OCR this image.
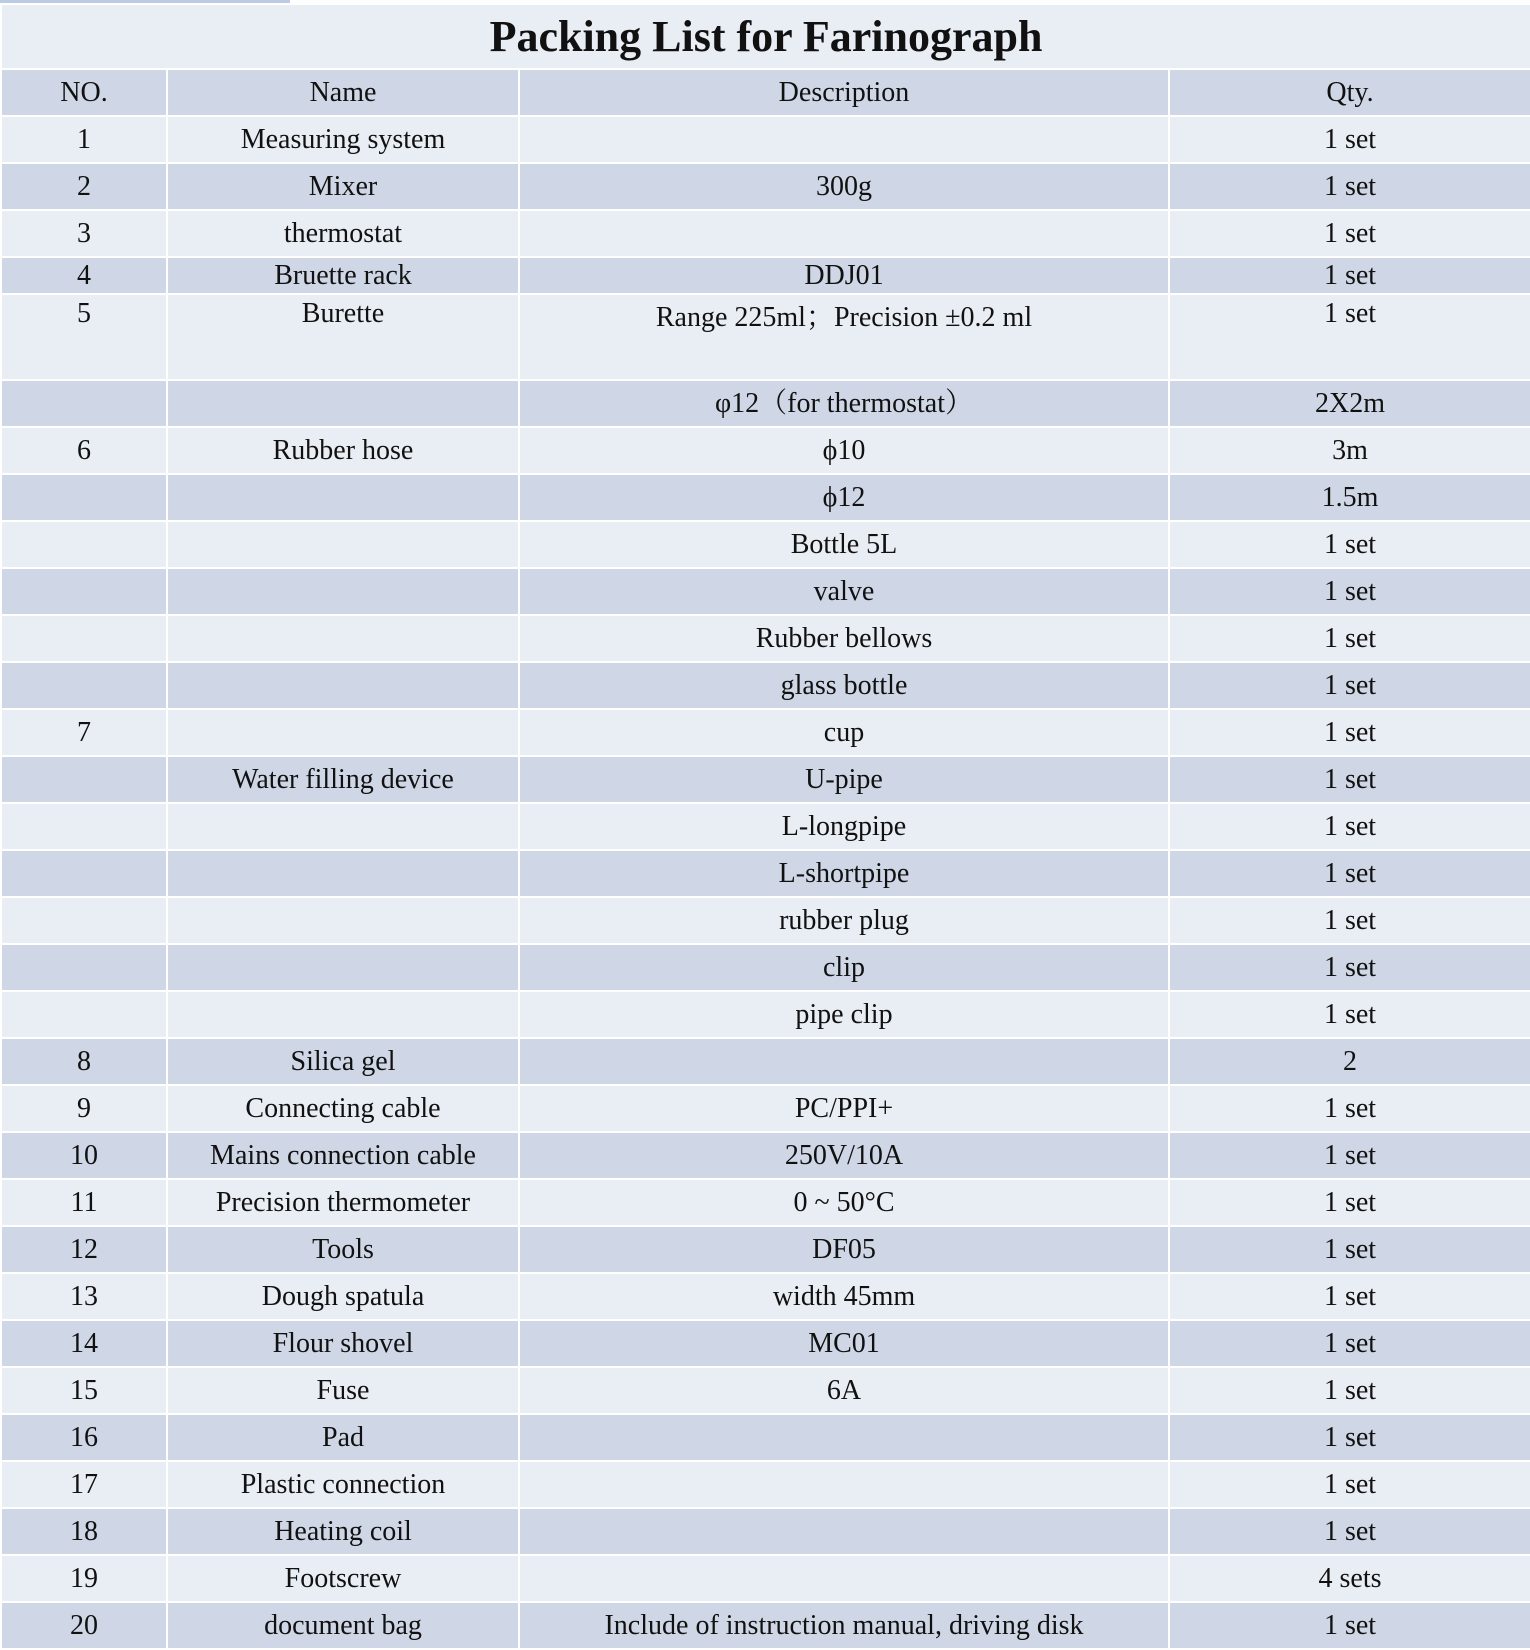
Packing List for Farinograph			
NO.	Name	Description	Qty.
1	Measuring system		1 set
2	Mixer	300g	1 set
3	thermostat		1 set
4	Bruette rack	DDJ01	1 set
5	Burette	Range 225ml；Precision ±0.2 ml	1 set
		φ12（for thermostat）	2X2m
6	Rubber hose	ϕ10	3m
		ϕ12	1.5m
		Bottle 5L	1 set
		valve	1 set
		Rubber bellows	1 set
		glass bottle	1 set
7		cup	1 set
	Water filling device	U-pipe	1 set
		L-longpipe	1 set
		L-shortpipe	1 set
		rubber plug	1 set
		clip	1 set
		pipe clip	1 set
8	Silica gel		2
9	Connecting cable	PC/PPI+	1 set
10	Mains connection cable	250V/10A	1 set
11	Precision thermometer	0 ~ 50°C	1 set
12	Tools	DF05	1 set
13	Dough spatula	width 45mm	1 set
14	Flour shovel	MC01	1 set
15	Fuse	6A	1 set
16	Pad		1 set
17	Plastic connection		1 set
18	Heating coil		1 set
19	Footscrew		4 sets
20	document bag	Include of instruction manual, driving disk	1 set
